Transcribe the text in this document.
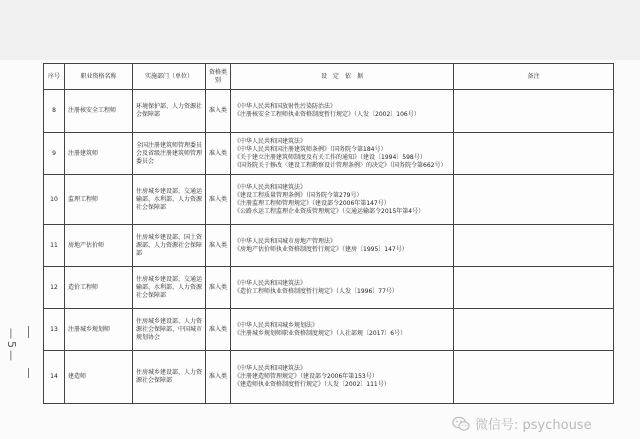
—5—
序号	职业资格名称	实施部门（单位）	资格类别	设　定　依　据	备注
8	注册核安全工程师	环境保护部、人力资源社会保障部	准入类	《中华人民共和国放射性污染防治法》
《注册核安全工程师执业资格制度暂行规定》（人发〔2002〕106号）	

9	注册建筑师	全国注册建筑师管理委员会及省级注册建筑师管理委员会	准入类	《中华人民共和国建筑法》
《中华人民共和国注册建筑师条例》（国务院令第184号）
《关于建立注册建筑师制度及有关工作的通知》（建设〔1994〕598号）
《国务院关于修改〈建设工程勘察设计管理条例〉的决定》（国务院令第662号）	

10	监理工程师	住房城乡建设部、交通运输部、水利部、人力资源社会保障部	准入类	《中华人民共和国建筑法》
《建设工程质量管理条例》（国务院令第279号）
《注册监理工程师管理规定》（建设部令2006年第147号）
《公路水运工程监理企业资质管理规定》（交通运输部令2015年第4号）	

11	房地产估价师	住房城乡建设部、国土资源部、人力资源社会保障部	准入类	《中华人民共和国城市房地产管理法》
《房地产估价师执业资格制度暂行规定》（建房〔1995〕147号）	

12	造价工程师	住房城乡建设部、交通运输部、水利部、人力资源社会保障部	准入类	《中华人民共和国建筑法》
《造价工程师执业资格制度暂行规定》（人发〔1996〕77号）	

13	注册城乡规划师	住房城乡建设部、人力资源社会保障部、中国城市规划协会	准入类	《中华人民共和国城乡规划法》
《注册城乡规划师职业资格制度规定》（人社部规〔2017〕6号）	

14	建造师	住房城乡建设部、人力资源社会保障部	准入类	《中华人民共和国建筑法》
《注册建造师管理规定》（建设部令2006年第153号）
《建造师执业资格制度暂行规定》（人发〔2002〕111号）	

微信号: psychouse
